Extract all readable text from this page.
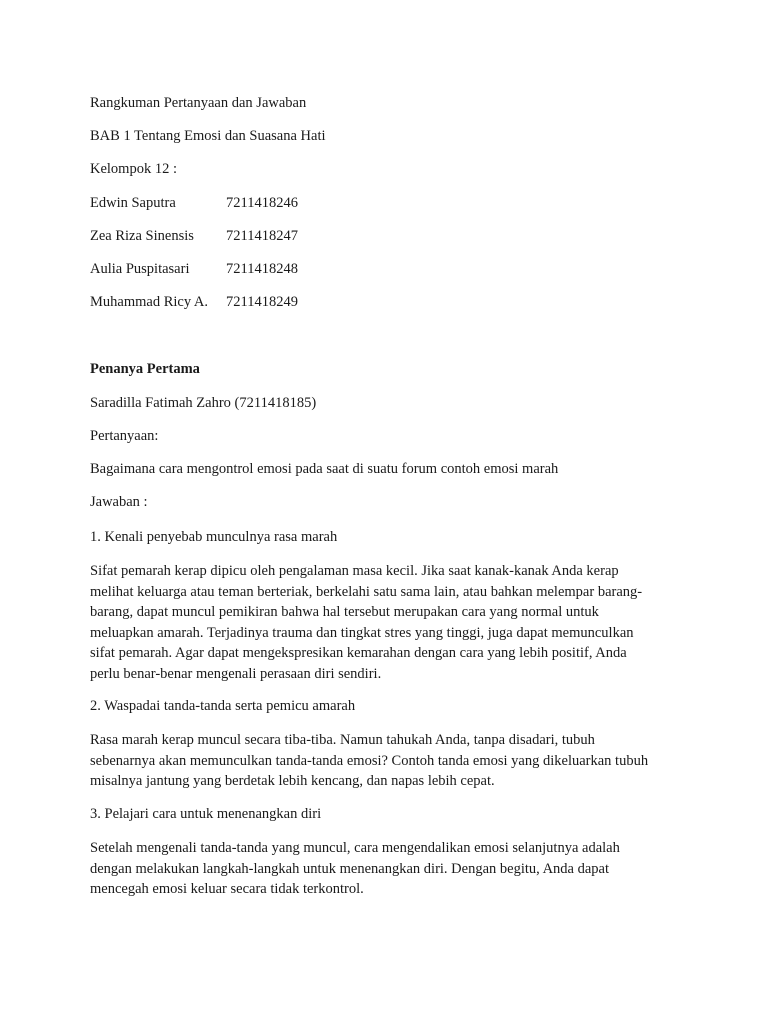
Rangkuman Pertanyaan dan Jawaban
BAB 1 Tentang Emosi dan Suasana Hati
Kelompok 12 :
Edwin Saputra	7211418246
Zea Riza Sinensis 7211418247
Aulia Puspitasari	7211418248
Muhammad Ricy A. 7211418249
Penanya Pertama
Saradilla Fatimah Zahro (7211418185)
Pertanyaan:
Bagaimana cara mengontrol emosi pada saat di suatu forum contoh emosi marah
Jawaban :
1. Kenali penyebab munculnya rasa marah
Sifat pemarah kerap dipicu oleh pengalaman masa kecil. Jika saat kanak-kanak Anda kerap
melihat keluarga atau teman berteriak, berkelahi satu sama lain, atau bahkan melempar barang-
barang, dapat muncul pemikiran bahwa hal tersebut merupakan cara yang normal untuk
meluapkan amarah. Terjadinya trauma dan tingkat stres yang tinggi, juga dapat memunculkan
sifat pemarah. Agar dapat mengekspresikan kemarahan dengan cara yang lebih positif, Anda
perlu benar-benar mengenali perasaan diri sendiri.
2. Waspadai tanda-tanda serta pemicu amarah
Rasa marah kerap muncul secara tiba-tiba. Namun tahukah Anda, tanpa disadari, tubuh
sebenarnya akan memunculkan tanda-tanda emosi? Contoh tanda emosi yang dikeluarkan tubuh
misalnya jantung yang berdetak lebih kencang, dan napas lebih cepat.
3. Pelajari cara untuk menenangkan diri
Setelah mengenali tanda-tanda yang muncul, cara mengendalikan emosi selanjutnya adalah
dengan melakukan langkah-langkah untuk menenangkan diri. Dengan begitu, Anda dapat
mencegah emosi keluar secara tidak terkontrol.
